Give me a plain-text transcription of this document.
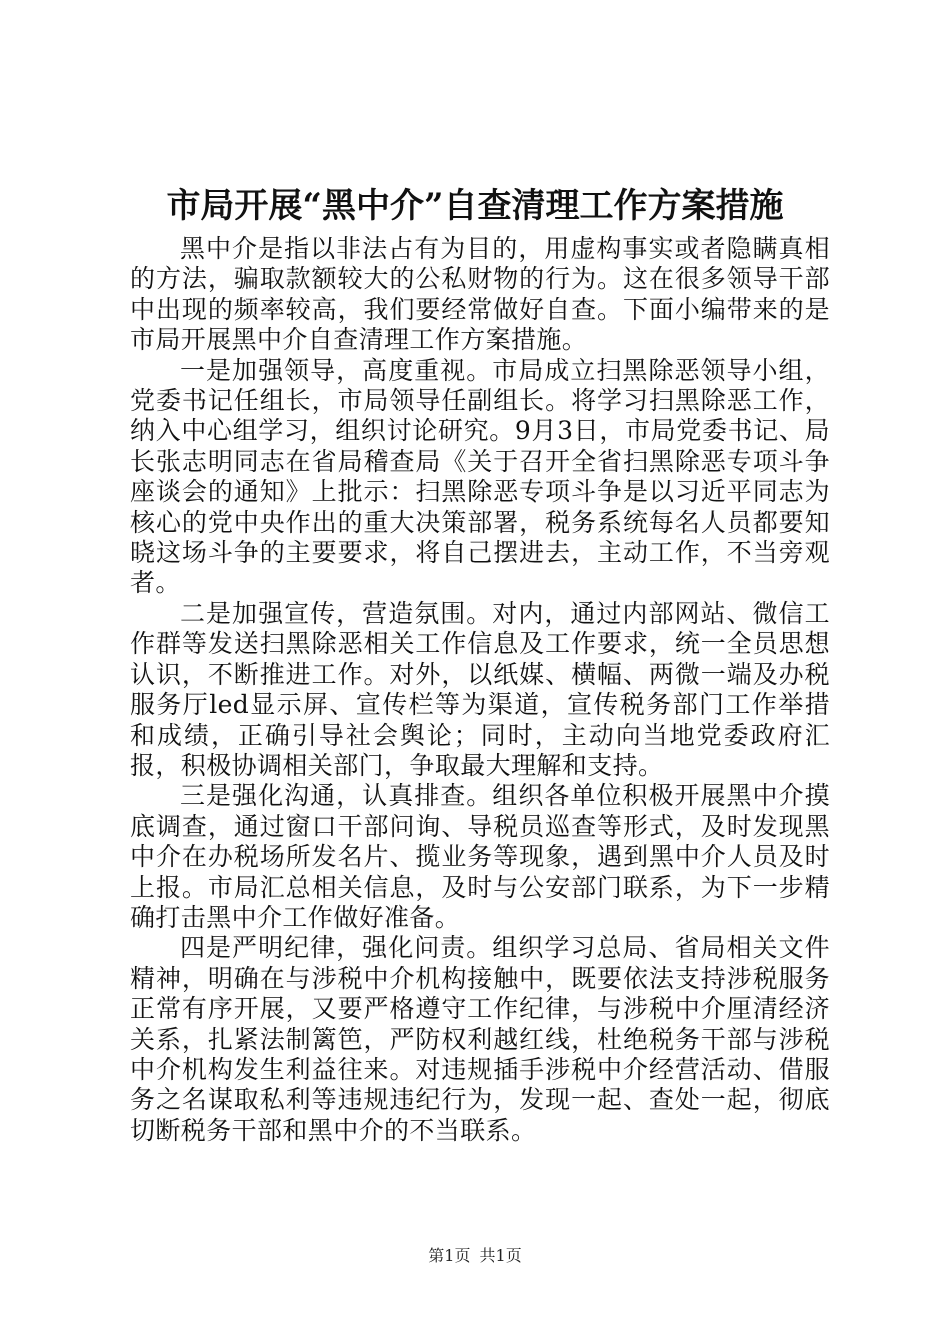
市局开展“黑中介”自查清理工作方案措施

黑中介是指以非法占有为目的，用虚构事实或者隐瞒真相的方法，骗取款额较大的公私财物的行为。这在很多领导干部中出现的频率较高，我们要经常做好自查。下面小编带来的是市局开展黑中介自查清理工作方案措施。

一是加强领导，高度重视。市局成立扫黑除恶领导小组，党委书记任组长，市局领导任副组长。将学习扫黑除恶工作，纳入中心组学习，组织讨论研究。9月3日，市局党委书记、局长张志明同志在省局稽查局《关于召开全省扫黑除恶专项斗争座谈会的通知》上批示：扫黑除恶专项斗争是以习近平同志为核心的党中央作出的重大决策部署，税务系统每名人员都要知晓这场斗争的主要要求，将自己摆进去，主动工作，不当旁观者。

二是加强宣传，营造氛围。对内，通过内部网站、微信工作群等发送扫黑除恶相关工作信息及工作要求，统一全员思想认识，不断推进工作。对外，以纸媒、横幅、两微一端及办税服务厅led显示屏、宣传栏等为渠道，宣传税务部门工作举措和成绩，正确引导社会舆论；同时，主动向当地党委政府汇报，积极协调相关部门，争取最大理解和支持。

三是强化沟通，认真排查。组织各单位积极开展黑中介摸底调查，通过窗口干部问询、导税员巡查等形式，及时发现黑中介在办税场所发名片、揽业务等现象，遇到黑中介人员及时上报。市局汇总相关信息，及时与公安部门联系，为下一步精确打击黑中介工作做好准备。

四是严明纪律，强化问责。组织学习总局、省局相关文件精神，明确在与涉税中介机构接触中，既要依法支持涉税服务正常有序开展，又要严格遵守工作纪律，与涉税中介厘清经济关系，扎紧法制篱笆，严防权利越红线，杜绝税务干部与涉税中介机构发生利益往来。对违规插手涉税中介经营活动、借服务之名谋取私利等违规违纪行为，发现一起、查处一起，彻底切断税务干部和黑中介的不当联系。

第1页 共1页
